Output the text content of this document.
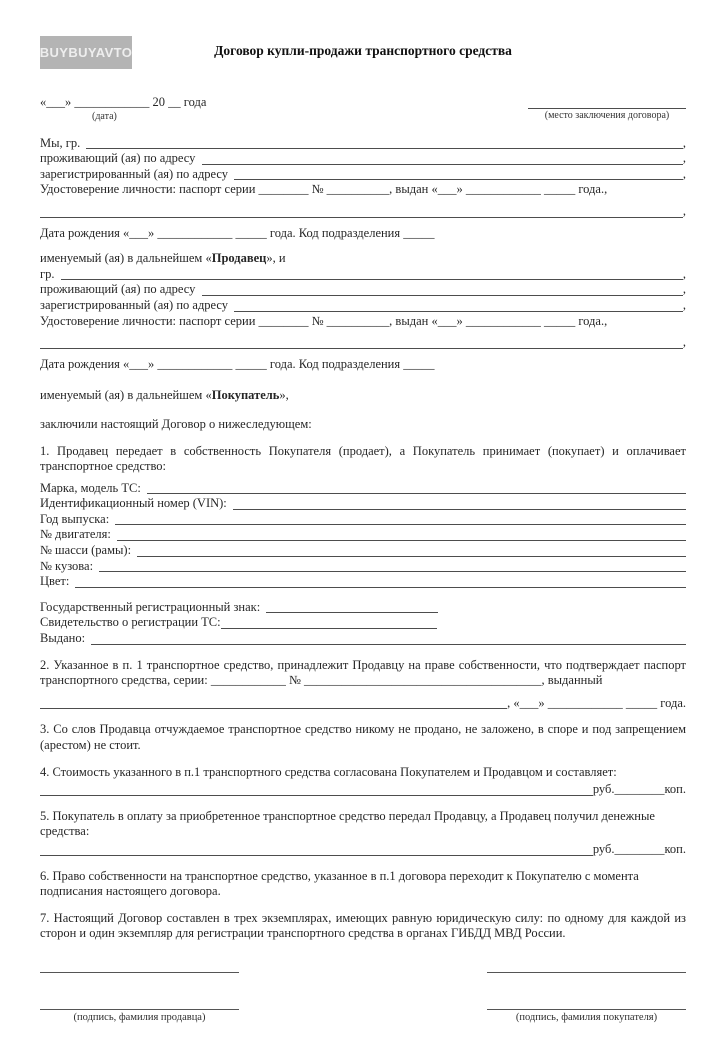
BUYBUYAVTO	Договор купли-продажи транспортного средства
«___» ____________ 20 __ года
(дата)	(место заключения договора)
Мы, гр.	,
проживающий (ая) по адресу	,
зарегистрированный (ая) по адресу	,
Удостоверение личности: паспорт серии ________ № __________, выдан «___» ____________ _____ года.,
,
Дата рождения «___» ____________ _____ года. Код подразделения _____

именуемый (ая) в дальнейшем «Продавец», и

гр.	,
проживающий (ая) по адресу	,
зарегистрированный (ая) по адресу	,
Удостоверение личности: паспорт серии ________ № __________, выдан «___» ____________ _____ года.,
,
Дата рождения «___» ____________ _____ года. Код подразделения _____

именуемый (ая) в дальнейшем «Покупатель»,

заключили настоящий Договор о нижеследующем:

1. Продавец передает в собственность Покупателя (продает), а Покупатель принимает (покупает) и оплачивает транспортное средство:

Марка, модель ТС:
Идентификационный номер (VIN):
Год выпуска:
№ двигателя:
№ шасси (рамы):
№ кузова:
Цвет:
Государственный регистрационный знак:
Свидетельство о регистрации ТС:
Выдано:

2. Указанное в п. 1 транспортное средство, принадлежит Продавцу на праве собственности, что подтверждает паспорт транспортного средства, серии: ____________ № ______________________________________, выданный

, «___» ____________ _____ года.

3. Со слов Продавца отчуждаемое транспортное средство никому не продано, не заложено, в споре и под запрещением (арестом) не стоит.

4. Стоимость указанного в п.1 транспортного средства согласована Покупателем и Продавцом и составляет:

руб.________коп.

5. Покупатель в оплату за приобретенное транспортное средство передал Продавцу, а Продавец получил денежные средства:

руб.________коп.

6. Право собственности на транспортное средство, указанное в п.1 договора переходит к Покупателю с момента подписания настоящего договора.

7. Настоящий Договор составлен в трех экземплярах, имеющих равную юридическую силу: по одному для каждой из сторон и один экземпляр для регистрации транспортного средства в органах ГИБДД МВД России.

(подпись, фамилия продавца)	(подпись, фамилия покупателя)
